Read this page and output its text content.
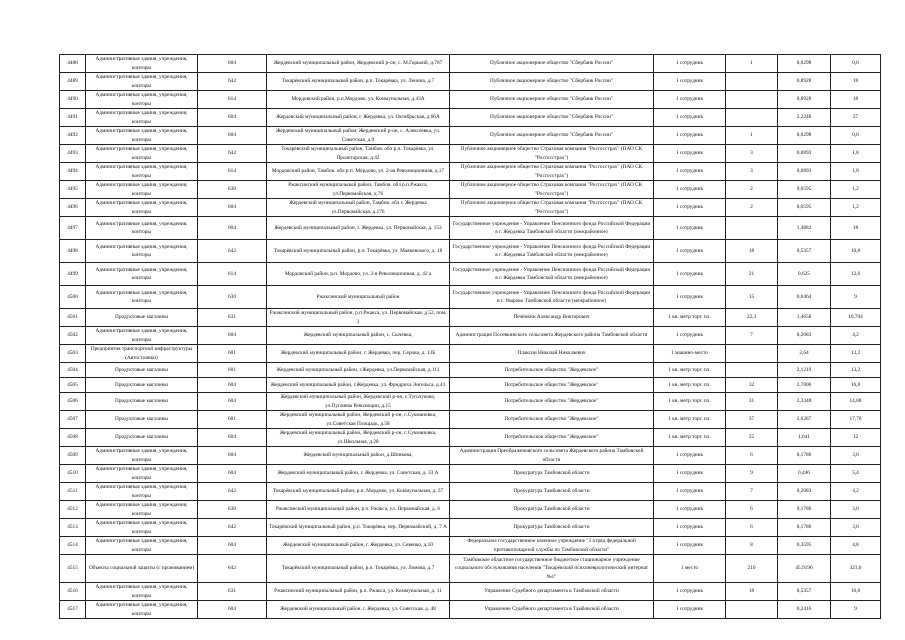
4488	Административные здания, учреждения, конторы	604	Жердевский муниципальный район, Жердевский р-он, с. М.Горький, д.787	Публичное акционерное общество "Сбербанк России"	1 сотрудник	1	0,0298	0,6
4489	Административные здания, учреждения, конторы	642	Токарёвский муниципальный район, р.п. Токарёвка, ул. Ленина, д.7	Публичное акционерное общество "Сбербанк России"	1 сотрудник		0,8928	18
4490	Административные здания, учреждения, конторы	614	Мордовский район, р.п.Мордово, ул. Коммунальная, д.43А	Публичное акционерное общество "Сбербанк России"	1 сотрудник		0,8928	18
4491	Административные здания, учреждения, конторы	604	Жердевский муниципальный район, г. Жердевка, ул. Октябрьская, д.66А	Публичное акционерное общество "Сбербанк России"	1 сотрудник		2,2248	27
4492	Административные здания, учреждения, конторы	604	Жердевский муниципальный район, Жердевский р-он, с. Алексеевка, ул. Советская, д.9	Публичное акционерное общество "Сбербанк России"	1 сотрудник	1	0,0298	0,6
4493	Административные здания, учреждения, конторы	642	Токарёвский муниципальный район, Тамбов. обл р.п. Токарёвка, ул. Пролетарская, д.42	Публичное акционерное общество Страховая компания "Росгосстрах" (ПАО СК "Росгосстрах")	1 сотрудник	3	0,0893	1,8
4494	Административные здания, учреждения, конторы	614	Мордовский район, Тамбов. обл р.п. Мордово, ул. 2-ая Революционная, д.17	Публичное акционерное общество Страховая компания "Росгосстрах" (ПАО СК "Росгосстрах")	1 сотрудник	3	0,0893	1,8
4495	Административные здания, учреждения, конторы	630	Ржаксинский муниципальный район, Тамбов. обл р.п.Ржакса, ул.Первомайская, д.76	Публичное акционерное общество Страховая компания "Росгосстрах" (ПАО СК "Росгосстрах")	1 сотрудник	2	0,0595	1,2
4496	Административные здания, учреждения, конторы	604	Жердевский муниципальный район, Тамбов. обл г. Жердевка ул.Первомайская, д.176	Публичное акционерное общество Страховая компания "Росгосстрах" (ПАО СК "Росгосстрах")	1 сотрудник	2	0,0595	1,2
4497	Административные здания, учреждения, конторы	604	Жердевский муниципальный район, г. Жердевка, ул. Первомайская, д. 153	Государственное учреждение - Управление Пенсионного фонда Российской Федерации в г. Жердевка Тамбовской области (межрайонное)	1 сотрудник		1,4882	18
4498	Административные здания, учреждения, конторы	642	Токарёвский муниципальный район, р.п. Токарёвка, ул. Маяковского, д. 18	Государственное учреждение - Управление Пенсионного фонда Российской Федерации в г. Жердевка Тамбовской области (межрайонное)	1 сотрудник	18	0,5357	10,8
4499	Административные здания, учреждения, конторы	614	Мордовский район, р.п. Мордово, ул. 2-я Революционная, д. 42 а	Государственное учреждение - Управление Пенсионного фонда Российской Федерации в г. Жердевка Тамбовской области (межрайонное)	1 сотрудник	21	0,625	12,6
4500	Административные здания, учреждения, конторы	630	Ржаксинский муниципальный район	Государственное учреждение - Управление Пенсионного фонда Российской Федерации в г. Уварово Тамбовской области (межрайонное)	1 сотрудник	15	0,0464	9
4501	Продуктовые магазины	631	Ржаксинский муниципальный район, р.п.Ржакса, ул. Первомайская, д.52, пом. 3	Печёнкин Александр Викторович	1 кв. метр торг. пл.	22,3	1,4658	10,704
4502	Административные здания, учреждения, конторы	604	Жердевский муниципальный район, с. Сычевка,	Администрация Посевкинского сельсовета Жердевского района Тамбовской области	1 сотрудник	7	0,2083	4,2
4503	Предприятия транспортной инфраструктуры (Автостоянки)	601	Жердевский муниципальный район, г. Жердевка, пер. Серова, д. 13Б	Плаксин Николай Николаевич	1 машино-место		2,64	13,2
4504	Продуктовые магазины	601	Жердевский муниципальный район, г.Жердевка, ул.Первомайская, д.111	Потребительское общество "Жердевское"	1 кв. метр торг. пл.		2,1219	13,2
4505	Продуктовые магазины	604	Жердевский муниципальный район, г.Жердевка, ул. Фридриха Энгельса, д.41	Потребительское общество "Жердевское"	1 кв. метр торг. пл.	32	2,7006	16,8
4506	Продуктовые магазины	604	Жердевский муниципальный район, Жердевский р-он, с.Туголуково, ул.Пугачева Революции, д.15	Потребительское общество "Жердевское"	1 кв. метр торг. пл.	31	2,3348	14,88
4507	Продуктовые магазины	601	Жердевский муниципальный район, Жердевский р-он, с.Сукмановка, ул.Советская Площадь, д.58	Потребительское общество "Жердевское"	1 кв. метр торг. пл.	37	2,0287	17,76
4508	Продуктовые магазины	604	Жердевский муниципальный район, Жердевский р-он, с.Сукмановка, ул.Школьная, д.28	Потребительское общество "Жердевское"	1 кв. метр торг. пл.	25	1,641	12
4509	Административные здания, учреждения, конторы	604	Жердевский муниципальный район, д.Шпикова,	Администрация Преображеновского сельсовета Жердевского района Тамбовской области	1 сотрудник	6	0,1786	3,6
4510	Административные здания, учреждения, конторы	604	Жердевский муниципальный район, г. Жердевка, ул. Советская, д. 33 А	Прокуратура Тамбовской области	1 сотрудник	9	0,446	5,4
4511	Административные здания, учреждения, конторы	642	Токарёвский муниципальный район, р.п. Мордово, ул. Коммунальная, д. 37	Прокуратура Тамбовской области	1 сотрудник	7	0,2083	4,2
4512	Административные здания, учреждения, конторы	630	Ржаксинский муниципальный район, р.п. Ржакса, ул. Первомайская, д. 6	Прокуратура Тамбовской области	1 сотрудник	6	0,1786	3,6
4513	Административные здания, учреждения, конторы	642	Токарёвский муниципальный район, р.п. Токарёвка, пер. Первомайский, д. 7 А	Прокуратура Тамбовской области	1 сотрудник	6	0,1786	3,6
4514	Административные здания, учреждения, конторы	604	Жердевский муниципальный район, г. Жердевка, ул. Севенко, д.10	Федеральное государственное казенное учреждение "2 отряд федеральной противопожарной службы по Тамбовской области"	1 сотрудник	8	0,3595	4,8
4515	Объекты социальной защиты (с проживанием)	642	Токарёвский муниципальный район, р.п. Токарёвка, ул. Ломова, д.7	Тамбовское областное государственное бюджетное стационарное учреждение социального обслуживания населения "Токарёвский психоневрологический интернат №1"	1 место	210	45,9196	323,6
4516	Административные здания, учреждения, конторы	631	Ржаксинский муниципальный район, р.п. Ржакса, ул. Коммунальная, д. 11	Управление Судебного департамента в Тамбовской области	1 сотрудник	18	0,5357	10,8
4517	Административные здания, учреждения, конторы	604	Жердевский муниципальный район, г. Жердевка, ул. Советская, д. 48	Управление Судебного департамента в Тамбовской области	1 сотрудник		0,2416	9
